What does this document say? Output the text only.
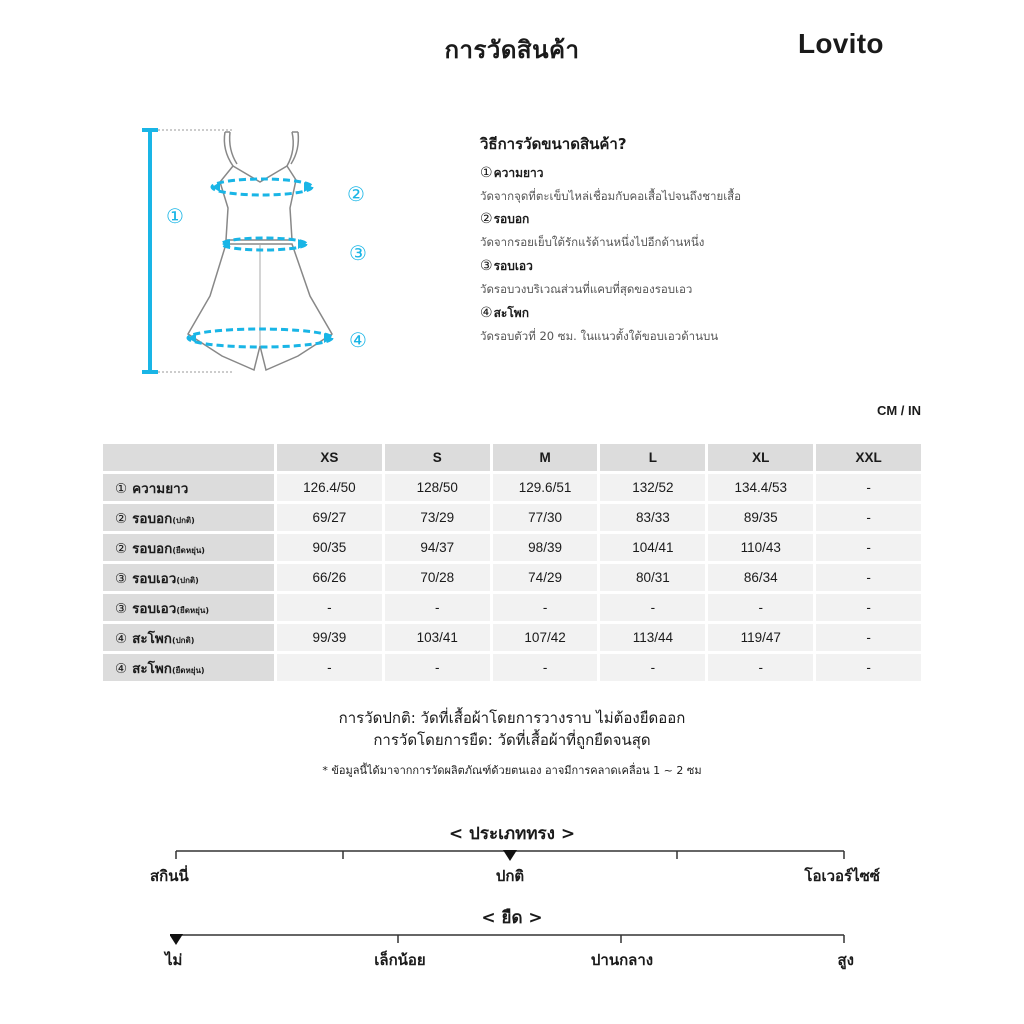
การวัดสินค้า	Lovito
①
②
③
④
วิธีการวัดขนาดสินค้า?
①ความยาว
วัดจากจุดที่ตะเข็บไหล่เชื่อมกับคอเสื้อไปจนถึงชายเสื้อ
②รอบอก
วัดจากรอยเย็บใต้รักแร้ด้านหนึ่งไปอีกด้านหนึ่ง
③รอบเอว
วัดรอบวงบริเวณส่วนที่แคบที่สุดของรอบเอว
④สะโพก
วัดรอบตัวที่ 20 ซม. ในแนวตั้งใต้ขอบเอวด้านบน
CM / IN
	XS	S	M	L	XL	XXL
① ความยาว	126.4/50	128/50	129.6/51	132/52	134.4/53	-
② รอบอก(ปกติ)	69/27	73/29	77/30	83/33	89/35	-
② รอบอก(ยืดหยุ่น)	90/35	94/37	98/39	104/41	110/43	-
③ รอบเอว(ปกติ)	66/26	70/28	74/29	80/31	86/34	-
③ รอบเอว(ยืดหยุ่น)	-	-	-	-	-	-
④ สะโพก(ปกติ)	99/39	103/41	107/42	113/44	119/47	-
④ สะโพก(ยืดหยุ่น)	-	-	-	-	-	-
การวัดปกติ: วัดที่เสื้อผ้าโดยการวางราบ ไม่ต้องยืดออก
การวัดโดยการยืด: วัดที่เสื้อผ้าที่ถูกยืดจนสุด
* ข้อมูลนี้ได้มาจากการวัดผลิตภัณฑ์ด้วยตนเอง อาจมีการคลาดเคลื่อน 1 ~ 2 ซม
< ประเภททรง >
สกินนี่	ปกติ	โอเวอร์ไซซ์
< ยืด >
ไม่	เล็กน้อย	ปานกลาง	สูง
